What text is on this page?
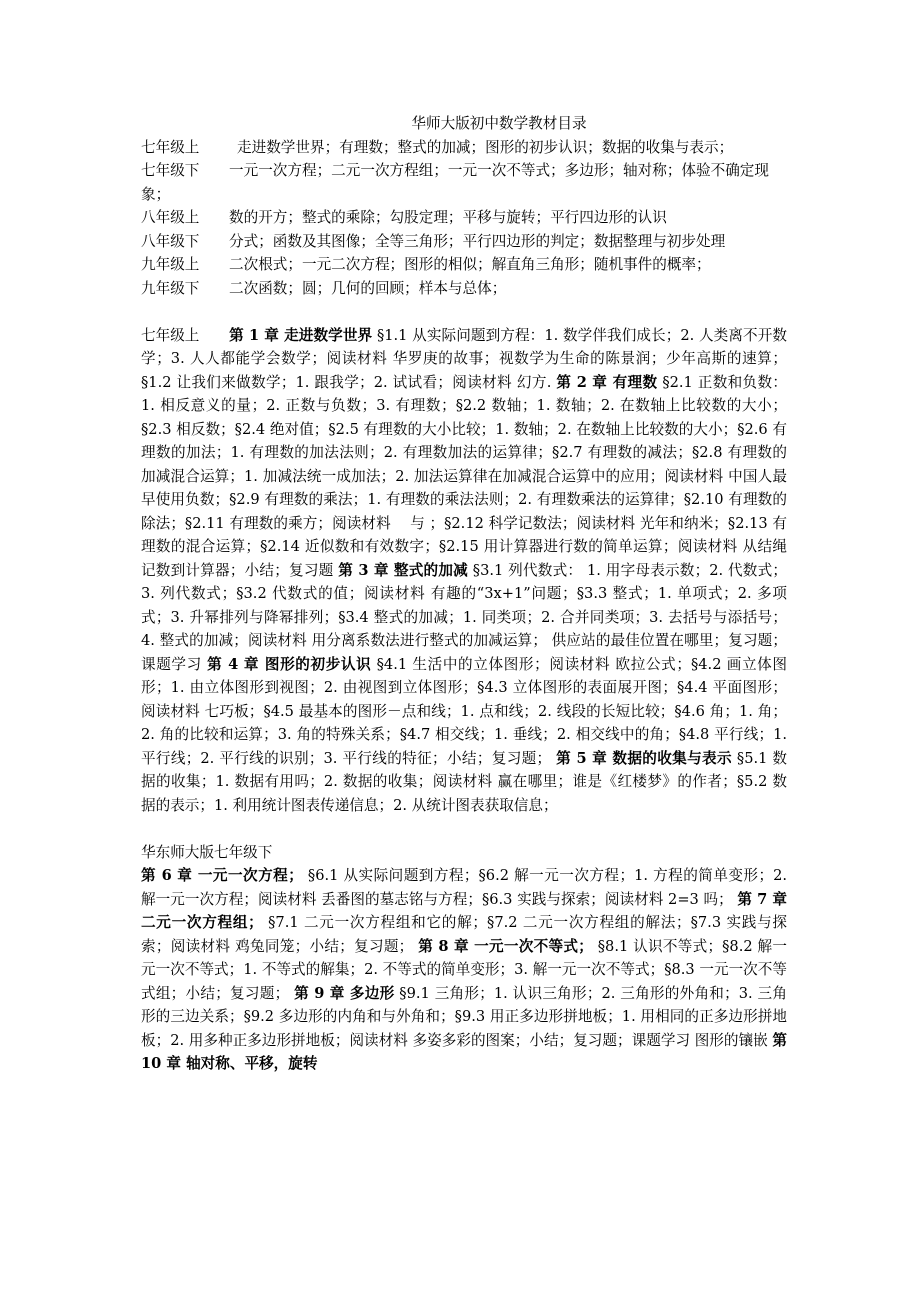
华师大版初中数学教材目录
七年级上	走进数学世界；有理数；整式的加减；图形的初步认识；数据的收集与表示；
七年级下 一元一次方程；二元一次方程组；一元一次不等式；多边形；轴对称；体验不确定现象；
八年级上	数的开方；整式的乘除；勾股定理；平移与旋转；平行四边形的认识
八年级下	分式；函数及其图像；全等三角形；平行四边形的判定；数据整理与初步处理
九年级上	二次根式；一元二次方程；图形的相似；解直角三角形；随机事件的概率；
九年级下	二次函数；圆；几何的回顾；样本与总体；
七年级上 第 1 章 走进数学世界 §1.1 从实际问题到方程：1. 数学伴我们成长；2. 人类离不开数学；3. 人人都能学会数学；阅读材料 华罗庚的故事；视数学为生命的陈景润；少年高斯的速算；§1.2 让我们来做数学；1. 跟我学；2. 试试看；阅读材料 幻方. 第 2 章 有理数 §2.1 正数和负数：1. 相反意义的量；2. 正数与负数；3. 有理数；§2.2 数轴；1. 数轴；2. 在数轴上比较数的大小；§2.3 相反数；§2.4 绝对值；§2.5 有理数的大小比较；1. 数轴；2. 在数轴上比较数的大小；§2.6 有理数的加法；1. 有理数的加法法则；2. 有理数加法的运算律；§2.7 有理数的减法；§2.8 有理数的加减混合运算；1. 加减法统一成加法；2. 加法运算律在加减混合运算中的应用；阅读材料 中国人最早使用负数；§2.9 有理数的乘法；1. 有理数的乘法法则；2. 有理数乘法的运算律；§2.10 有理数的除法；§2.11 有理数的乘方；阅读材料　 与 ；§2.12 科学记数法；阅读材料 光年和纳米；§2.13 有理数的混合运算；§2.14 近似数和有效数字；§2.15 用计算器进行数的简单运算；阅读材料 从结绳记数到计算器；小结；复习题 第 3 章 整式的加减 §3.1 列代数式： 1. 用字母表示数；2. 代数式；3. 列代数式；§3.2 代数式的值；阅读材料 有趣的“3x+1”问题；§3.3 整式；1. 单项式；2. 多项式；3. 升幂排列与降幂排列；§3.4 整式的加减；1. 同类项；2. 合并同类项；3. 去括号与添括号；4. 整式的加减；阅读材料 用分离系数法进行整式的加减运算； 供应站的最佳位置在哪里；复习题；课题学习 第 4 章 图形的初步认识 §4.1 生活中的立体图形；阅读材料 欧拉公式；§4.2 画立体图形；1. 由立体图形到视图；2. 由视图到立体图形；§4.3 立体图形的表面展开图；§4.4 平面图形；阅读材料 七巧板；§4.5 最基本的图形－点和线；1. 点和线；2. 线段的长短比较；§4.6 角；1. 角；2. 角的比较和运算；3. 角的特殊关系；§4.7 相交线；1. 垂线；2. 相交线中的角；§4.8 平行线；1. 平行线；2. 平行线的识别；3. 平行线的特征；小结；复习题； 第 5 章 数据的收集与表示 §5.1 数据的收集；1. 数据有用吗；2. 数据的收集；阅读材料 赢在哪里；谁是《红楼梦》的作者；§5.2 数据的表示；1. 利用统计图表传递信息；2. 从统计图表获取信息；
华东师大版七年级下
第 6 章 一元一次方程； §6.1 从实际问题到方程；§6.2 解一元一次方程；1. 方程的简单变形；2. 解一元一次方程；阅读材料 丢番图的墓志铭与方程；§6.3 实践与探索；阅读材料 2=3 吗； 第 7 章 二元一次方程组； §7.1 二元一次方程组和它的解；§7.2 二元一次方程组的解法；§7.3 实践与探索；阅读材料 鸡兔同笼；小结；复习题； 第 8 章 一元一次不等式； §8.1 认识不等式；§8.2 解一元一次不等式；1. 不等式的解集；2. 不等式的简单变形；3. 解一元一次不等式；§8.3 一元一次不等式组；小结；复习题； 第 9 章 多边形 §9.1 三角形；1. 认识三角形；2. 三角形的外角和；3. 三角形的三边关系；§9.2 多边形的内角和与外角和；§9.3 用正多边形拼地板；1. 用相同的正多边形拼地板；2. 用多种正多边形拼地板；阅读材料 多姿多彩的图案；小结；复习题；课题学习 图形的镶嵌 第 10 章 轴对称、平移，旋转
